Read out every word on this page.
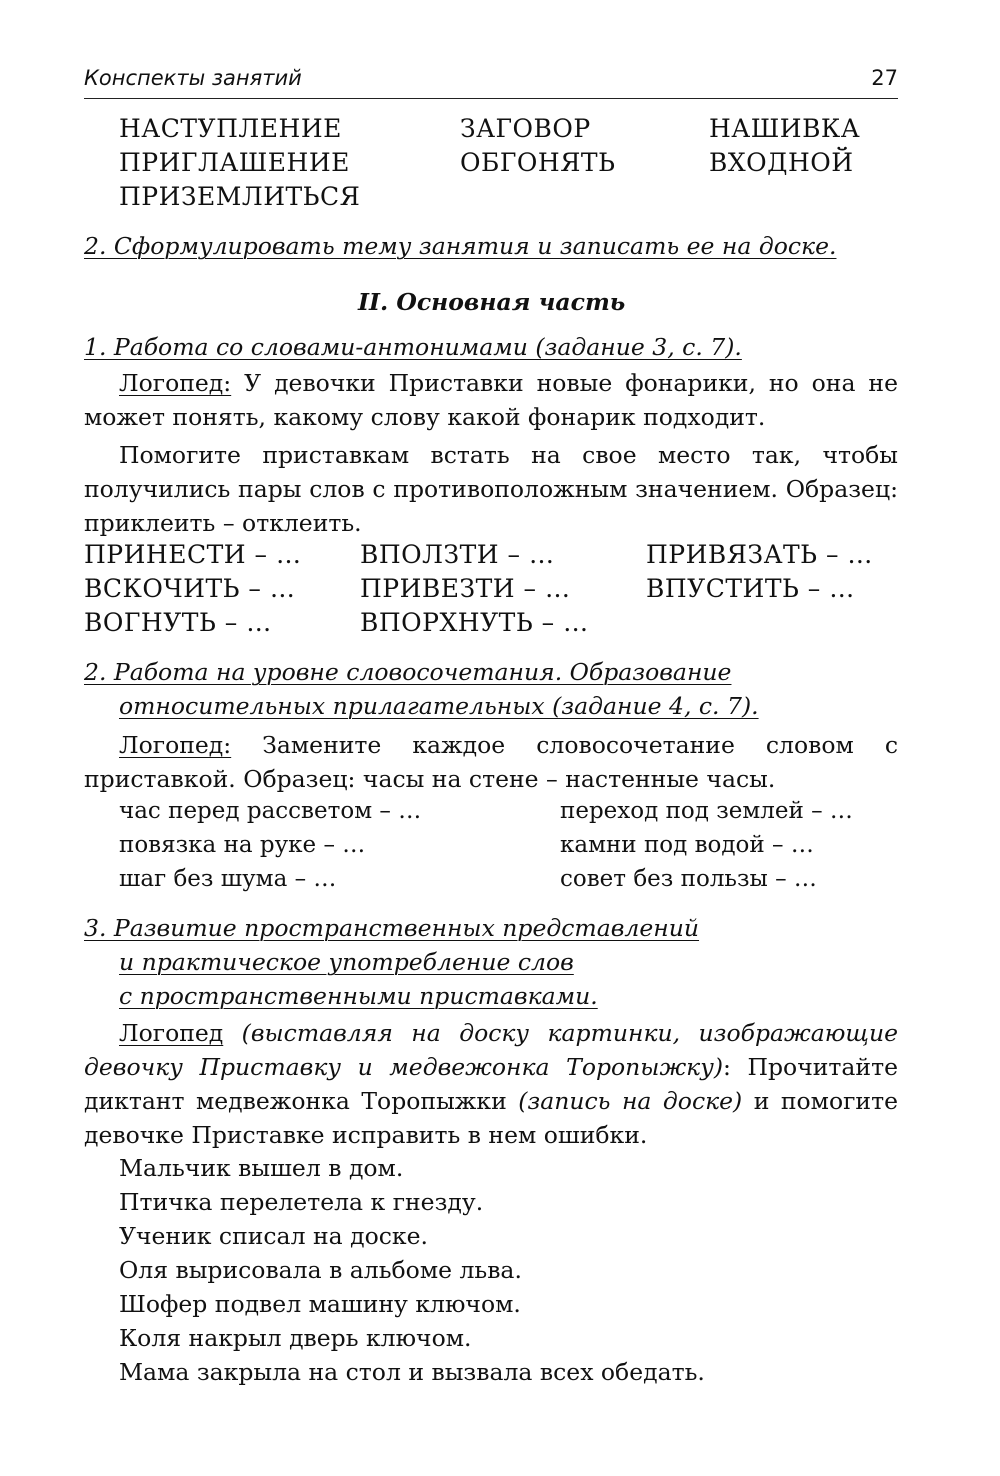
Конспекты занятий	27
НАСТУПЛЕНИЕ	ЗАГОВОР	НАШИВКА
ПРИГЛАШЕНИЕ	ОБГОНЯТЬ	ВХОДНОЙ
ПРИЗЕМЛИТЬСЯ
2. Сформулировать тему занятия и записать ее на доске.
II. Основная часть
1. Работа со словами-антонимами (задание 3, с. 7).
Логопед: У девочки Приставки новые фонарики, но она не может понять, какому слову какой фонарик подходит.
Помогите приставкам встать на свое место так, чтобы получились пары слов с противоположным значением. Образец: приклеить – отклеить.
ПРИНЕСТИ – … ВПОЛЗТИ – …	ПРИВЯЗАТЬ – …
ВСКОЧИТЬ – …	ПРИВЕЗТИ – …	ВПУСТИТЬ – …
ВОГНУТЬ – …	ВПОРХНУТЬ – …
2. Работа на уровне словосочетания. Образование
относительных прилагательных (задание 4, с. 7).
Логопед: Замените каждое словосочетание словом с приставкой. Образец: часы на стене – настенные часы.
час перед рассветом – …	переход под землей – …
повязка на руке – …	камни под водой – …
шаг без шума – …	совет без пользы – …
3. Развитие пространственных представлений
и практическое употребление слов
с пространственными приставками.
Логопед (выставляя на доску картинки, изображающие девочку Приставку и медвежонка Торопыжку): Прочитайте диктант медвежонка Торопыжки (запись на доске) и помогите девочке Приставке исправить в нем ошибки.
Мальчик вышел в дом.
Птичка перелетела к гнезду.
Ученик списал на доске.
Оля вырисовала в альбоме льва.
Шофер подвел машину ключом.
Коля накрыл дверь ключом.
Мама закрыла на стол и вызвала всех обедать.
